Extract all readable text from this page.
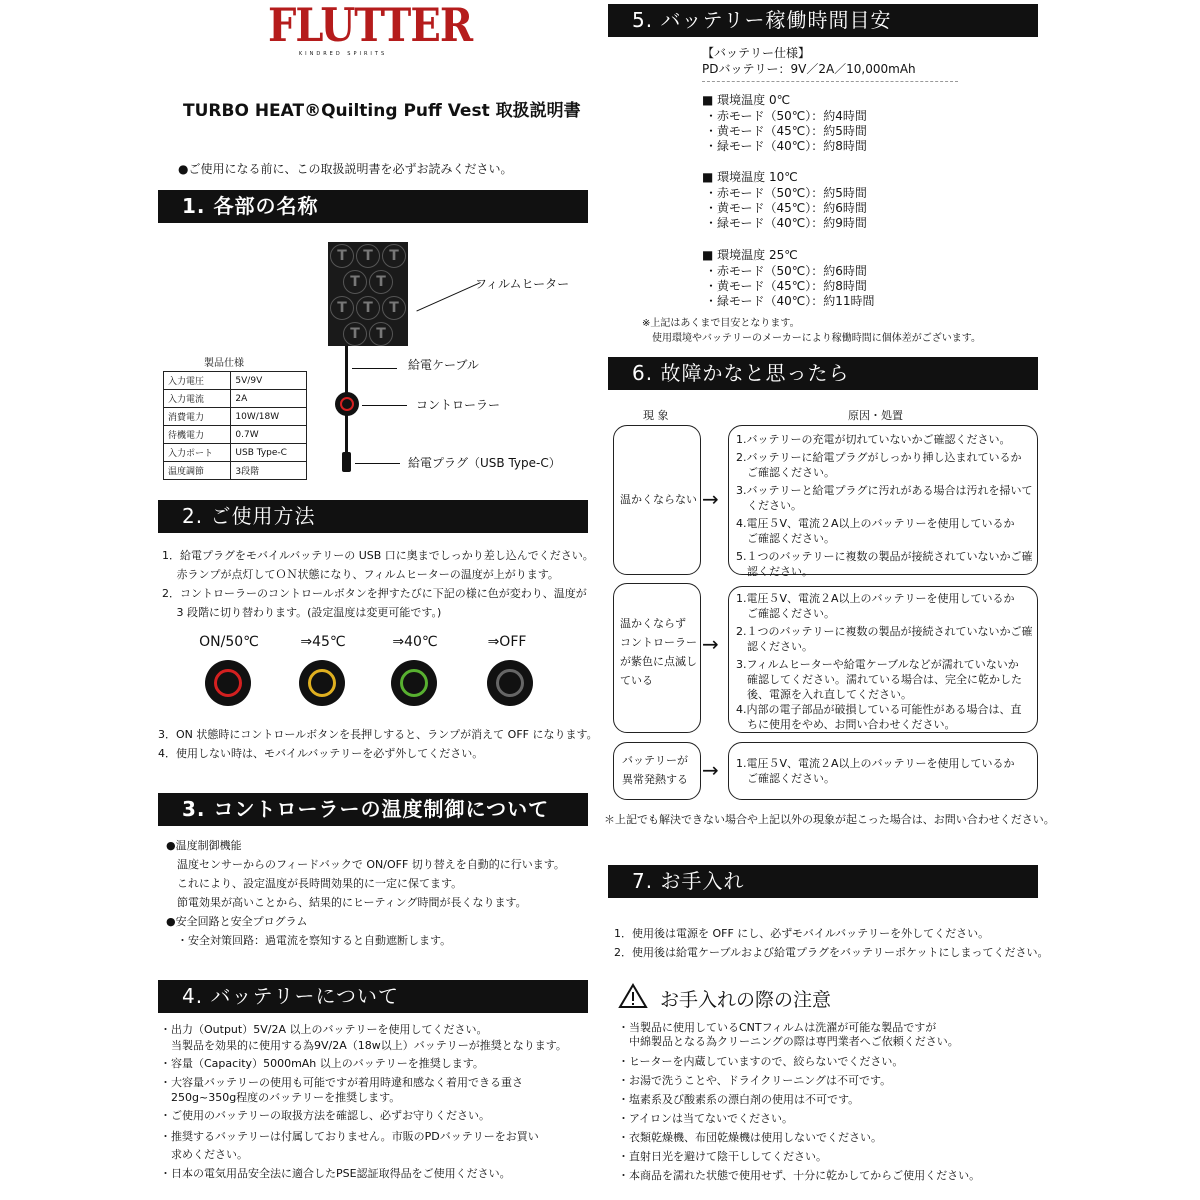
FLUTTER
KINDRED SPIRITS
TURBO HEAT®Quilting Puff Vest 取扱説明書
●ご使用になる前に、この取扱説明書を必ずお読みください。
1. 各部の名称
T	T	T
T	T
T	T	T
T	T
フィルムヒーター
給電ケーブル
コントローラー
給電プラグ（USB Type-C）
製品仕様
入力電圧	5V/9V
入力電流	2A
消費電力	10W/18W
待機電力	0.7W
入力ポート	USB Type-C
温度調節	3段階
2. ご使用方法
1．給電プラグをモバイルバッテリーの USB 口に奥までしっかり差し込んでください。
　 赤ランプが点灯してＯＮ状態になり、フィルムヒーターの温度が上がります。
2．コントローラーのコントロールボタンを押すたびに下記の様に色が変わり、温度が
　 3 段階に切り替わります。(設定温度は変更可能です。)
ON/50℃	⇒45℃	⇒40℃	⇒OFF
3．ON 状態時にコントロールボタンを長押しすると、ランプが消えて OFF になります。
4．使用しない時は、モバイルバッテリーを必ず外してください。
3. コントローラーの温度制御について
●温度制御機能
　温度センサーからのフィードバックで ON/OFF 切り替えを自動的に行います。
　これにより、設定温度が長時間効果的に一定に保てます。
　節電効果が高いことから、結果的にヒーティング時間が長くなります。
●安全回路と安全プログラム
　・安全対策回路：過電流を察知すると自動遮断します。
4. バッテリーについて
・出力（Output）5V/2A 以上のバッテリーを使用してください。
　当製品を効果的に使用する為9V/2A（18w以上）バッテリーが推奨となります。
・容量（Capacity）5000mAh 以上のバッテリーを推奨します。
・大容量バッテリーの使用も可能ですが着用時違和感なく着用できる重さ
　250g~350g程度のバッテリーを推奨します。
・ご使用のバッテリーの取扱方法を確認し、必ずお守りください。
・推奨するバッテリーは付属しておりません。市販のPDバッテリーをお買い
　求めください。
・日本の電気用品安全法に適合したPSE認証取得品をご使用ください。
5. バッテリー稼働時間目安
【バッテリー仕様】
PDバッテリー：9V／2A／10,000mAh
■ 環境温度 0℃
・赤モード（50℃）：約4時間
・黄モード（45℃）：約5時間
・緑モード（40℃）：約8時間
■ 環境温度 10℃
・赤モード（50℃）：約5時間
・黄モード（45℃）：約6時間
・緑モード（40℃）：約9時間
■ 環境温度 25℃
・赤モード（50℃）：約6時間
・黄モード（45℃）：約8時間
・緑モード（40℃）：約11時間
※上記はあくまで目安となります。
　使用環境やバッテリーのメーカーにより稼働時間に個体差がございます。
6. 故障かなと思ったら
現 象	原因・処置
温かくならない →
1.バッテリーの充電が切れていないかご確認ください。
2.バッテリーに給電プラグがしっかり挿し込まれているか
　ご確認ください。
3.バッテリーと給電プラグに汚れがある場合は汚れを掃いて
　ください。
4.電圧５V、電流２A以上のバッテリーを使用しているか
　ご確認ください。
5.１つのバッテリーに複数の製品が接続されていないかご確
　認ください。
温かくならず
コントローラー
が紫色に点滅し
ている
→
1.電圧５V、電流２A以上のバッテリーを使用しているか
　ご確認ください。
2.１つのバッテリーに複数の製品が接続されていないかご確
　認ください。
3.フィルムヒーターや給電ケーブルなどが濡れていないか
　確認してください。濡れている場合は、完全に乾かした
　後、電源を入れ直してください。
4.内部の電子部品が破損している可能性がある場合は、直
　ちに使用をやめ、お問い合わせください。
バッテリーが
異常発熱する → 1.電圧５V、電流２A以上のバッテリーを使用しているか
　ご確認ください。
＊上記でも解決できない場合や上記以外の現象が起こった場合は、お問い合わせください。
7. お手入れ
1．使用後は電源を OFF にし、必ずモバイルバッテリーを外してください。
2．使用後は給電ケーブルおよび給電プラグをバッテリーポケットにしまってください。
お手入れの際の注意
・当製品に使用しているCNTフィルムは洗濯が可能な製品ですが
　中綿製品となる為クリーニングの際は専門業者へご依頼ください。
・ヒーターを内蔵していますので、絞らないでください。
・お湯で洗うことや、ドライクリーニングは不可です。
・塩素系及び酸素系の漂白剤の使用は不可です。
・アイロンは当てないでください。
・衣類乾燥機、布団乾燥機は使用しないでください。
・直射日光を避けて陰干ししてください。
・本商品を濡れた状態で使用せず、十分に乾かしてからご使用ください。
